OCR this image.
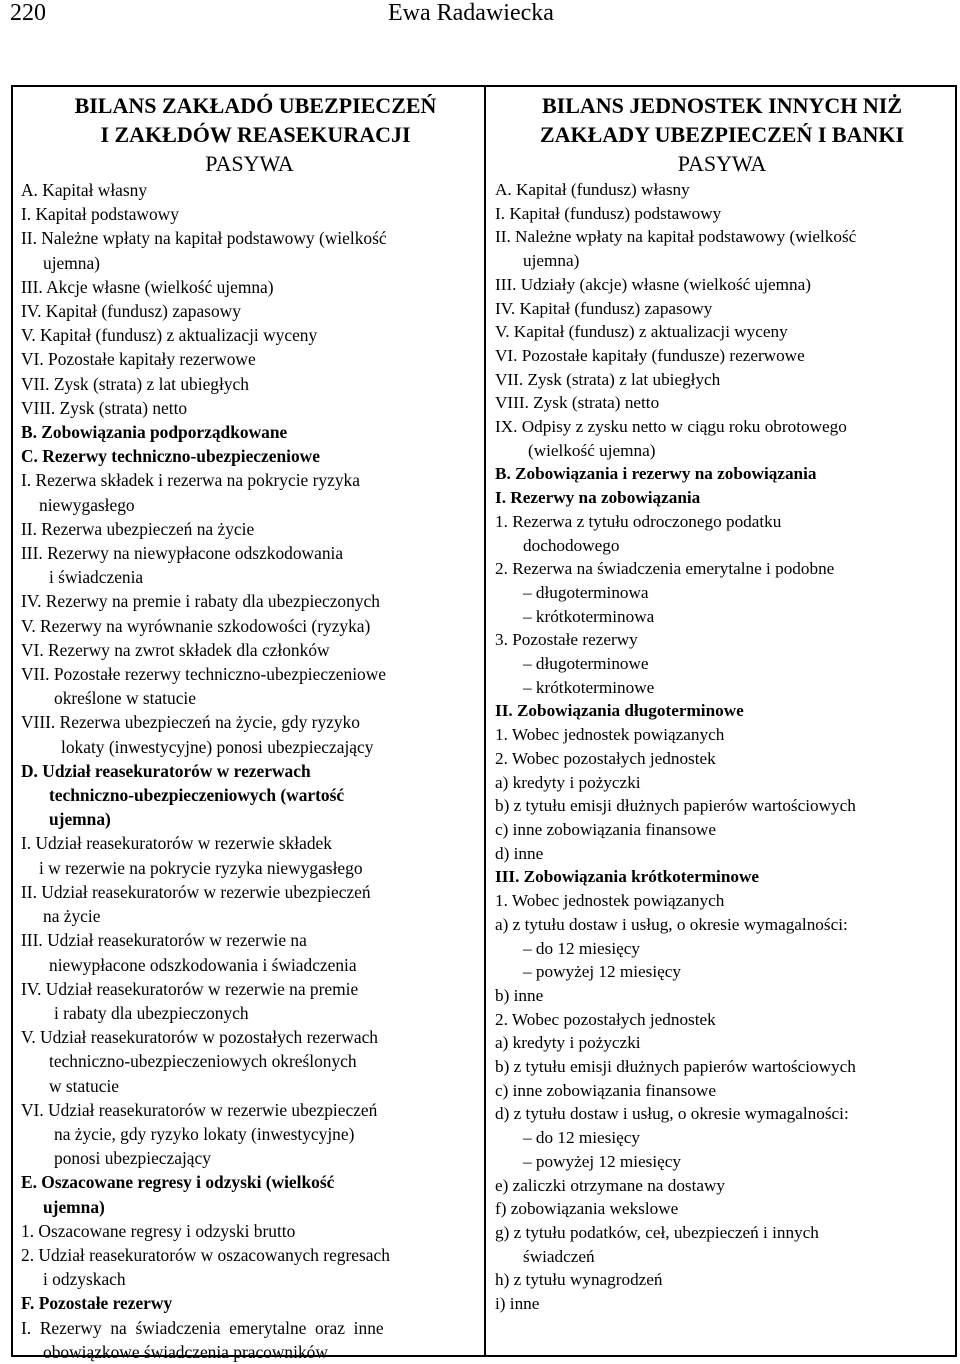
220	Ewa Radawiecka
BILANS ZAKŁADÓ UBEZPIECZEŃ
I ZAKŁDÓW REASEKURACJI
PASYWA
A. Kapitał własny
I. Kapitał podstawowy
II. Należne wpłaty na kapitał podstawowy (wielkość
ujemna)
III. Akcje własne (wielkość ujemna)
IV. Kapitał (fundusz) zapasowy
V. Kapitał (fundusz) z aktualizacji wyceny
VI. Pozostałe kapitały rezerwowe
VII. Zysk (strata) z lat ubiegłych
VIII. Zysk (strata) netto
B. Zobowiązania podporządkowane
C. Rezerwy techniczno-ubezpieczeniowe
I. Rezerwa składek i rezerwa na pokrycie ryzyka
niewygasłego
II. Rezerwa ubezpieczeń na życie
III. Rezerwy na niewypłacone odszkodowania
i świadczenia
IV. Rezerwy na premie i rabaty dla ubezpieczonych
V. Rezerwy na wyrównanie szkodowości (ryzyka)
VI. Rezerwy na zwrot składek dla członków
VII. Pozostałe rezerwy techniczno-ubezpieczeniowe
określone w statucie
VIII. Rezerwa ubezpieczeń na życie, gdy ryzyko
lokaty (inwestycyjne) ponosi ubezpieczający
D. Udział reasekuratorów w rezerwach
techniczno-ubezpieczeniowych (wartość
ujemna)
I. Udział reasekuratorów w rezerwie składek
i w rezerwie na pokrycie ryzyka niewygasłego
II. Udział reasekuratorów w rezerwie ubezpieczeń
na życie
III. Udział reasekuratorów w rezerwie na
niewypłacone odszkodowania i świadczenia
IV. Udział reasekuratorów w rezerwie na premie
i rabaty dla ubezpieczonych
V. Udział reasekuratorów w pozostałych rezerwach
techniczno-ubezpieczeniowych określonych
w statucie
VI. Udział reasekuratorów w rezerwie ubezpieczeń
na życie, gdy ryzyko lokaty (inwestycyjne)
ponosi ubezpieczający
E. Oszacowane regresy i odzyski (wielkość
ujemna)
1. Oszacowane regresy i odzyski brutto
2. Udział reasekuratorów w oszacowanych regresach
i odzyskach
F. Pozostałe rezerwy
I.  Rezerwy  na  świadczenia  emerytalne  oraz  inne
obowiązkowe świadczenia pracowników
BILANS JEDNOSTEK INNYCH NIŻ
ZAKŁADY UBEZPIECZEŃ I BANKI
PASYWA
A. Kapitał (fundusz) własny
I. Kapitał (fundusz) podstawowy
II. Należne wpłaty na kapitał podstawowy (wielkość
ujemna)
III. Udziały (akcje) własne (wielkość ujemna)
IV. Kapitał (fundusz) zapasowy
V. Kapitał (fundusz) z aktualizacji wyceny
VI. Pozostałe kapitały (fundusze) rezerwowe
VII. Zysk (strata) z lat ubiegłych
VIII. Zysk (strata) netto
IX. Odpisy z zysku netto w ciągu roku obrotowego
(wielkość ujemna)
B. Zobowiązania i rezerwy na zobowiązania
I. Rezerwy na zobowiązania
1. Rezerwa z tytułu odroczonego podatku
dochodowego
2. Rezerwa na świadczenia emerytalne i podobne
– długoterminowa
– krótkoterminowa
3. Pozostałe rezerwy
– długoterminowe
– krótkoterminowe
II. Zobowiązania długoterminowe
1. Wobec jednostek powiązanych
2. Wobec pozostałych jednostek
a) kredyty i pożyczki
b) z tytułu emisji dłużnych papierów wartościowych
c) inne zobowiązania finansowe
d) inne
III. Zobowiązania krótkoterminowe
1. Wobec jednostek powiązanych
a) z tytułu dostaw i usług, o okresie wymagalności:
– do 12 miesięcy
– powyżej 12 miesięcy
b) inne
2. Wobec pozostałych jednostek
a) kredyty i pożyczki
b) z tytułu emisji dłużnych papierów wartościowych
c) inne zobowiązania finansowe
d) z tytułu dostaw i usług, o okresie wymagalności:
– do 12 miesięcy
– powyżej 12 miesięcy
e) zaliczki otrzymane na dostawy
f) zobowiązania wekslowe
g) z tytułu podatków, ceł, ubezpieczeń i innych
świadczeń
h) z tytułu wynagrodzeń
i) inne
